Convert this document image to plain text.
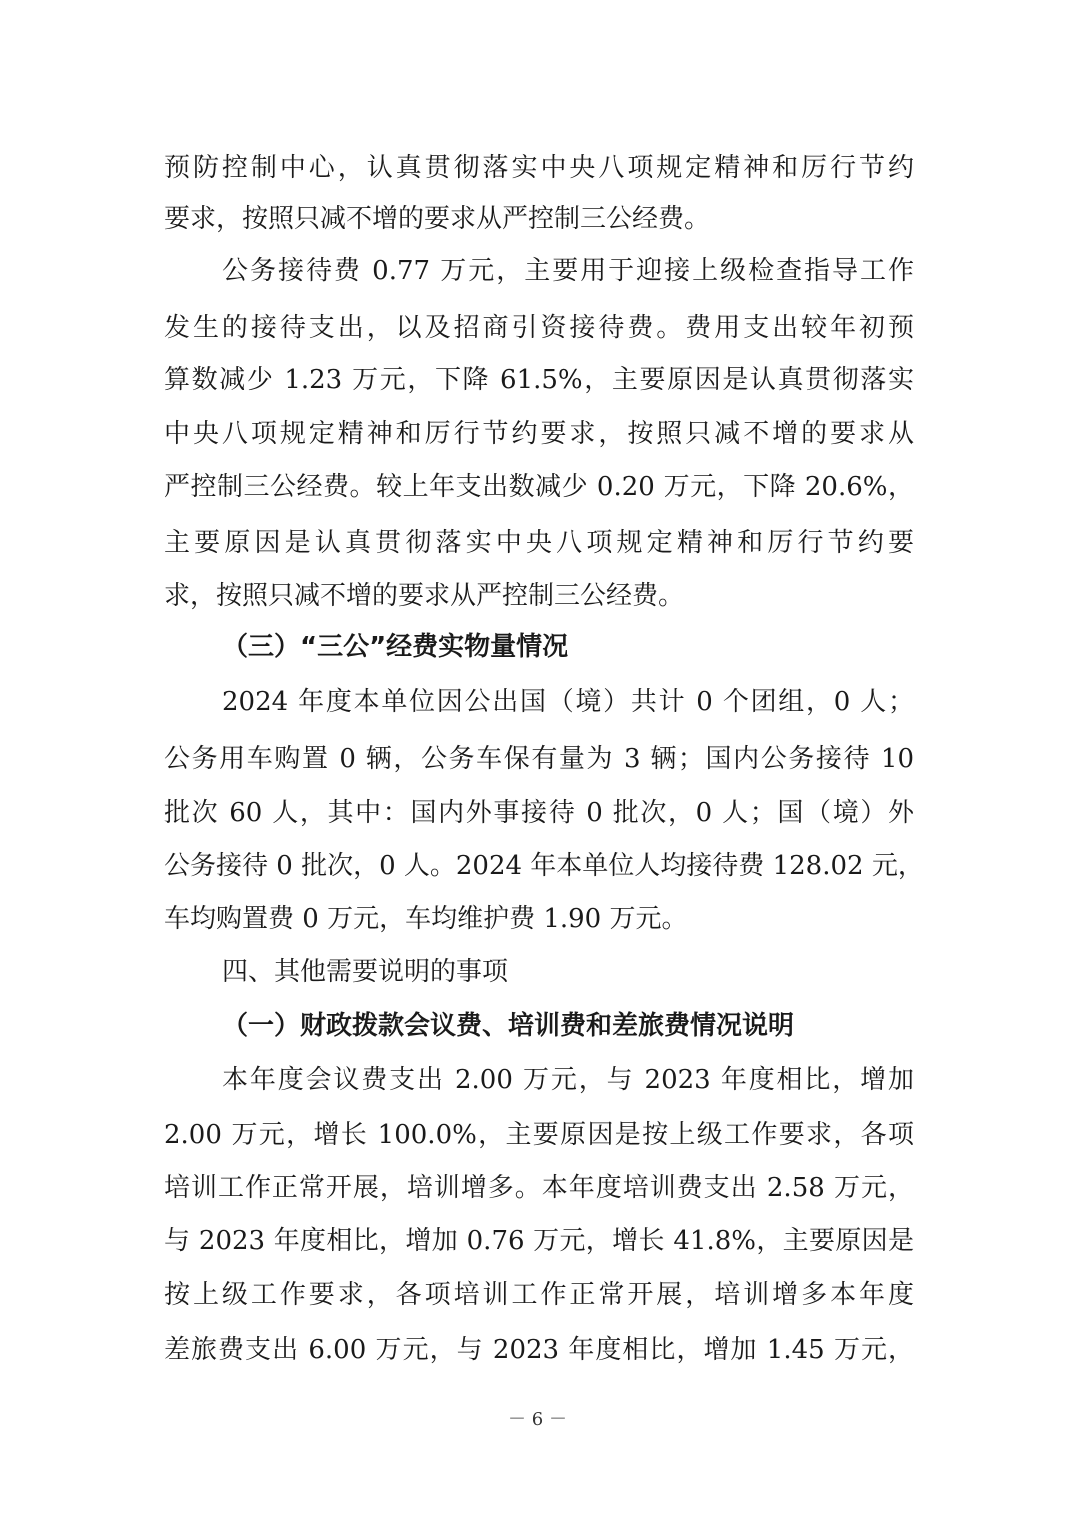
预防控制中心，认真贯彻落实中央八项规定精神和厉行节约
要求，按照只减不增的要求从严控制三公经费。
公务接待费 0.77 万元，主要用于迎接上级检查指导工作
发生的接待支出，以及招商引资接待费。费用支出较年初预
算数减少 1.23 万元，下降 61.5%，主要原因是认真贯彻落实
中央八项规定精神和厉行节约要求，按照只减不增的要求从
严控制三公经费。较上年支出数减少 0.20 万元，下降 20.6%，
主要原因是认真贯彻落实中央八项规定精神和厉行节约要
求，按照只减不增的要求从严控制三公经费。
（三）“三公”经费实物量情况
2024 年度本单位因公出国（境）共计 0 个团组，0 人；
公务用车购置 0 辆，公务车保有量为 3 辆；国内公务接待 10
批次 60 人，其中：国内外事接待 0 批次，0 人；国（境）外
公务接待 0 批次，0 人。2024 年本单位人均接待费 128.02 元，
车均购置费 0 万元，车均维护费 1.90 万元。
四、其他需要说明的事项
（一）财政拨款会议费、培训费和差旅费情况说明
本年度会议费支出 2.00 万元，与 2023 年度相比，增加
2.00 万元，增长 100.0%，主要原因是按上级工作要求，各项
培训工作正常开展，培训增多。本年度培训费支出 2.58 万元，
与 2023 年度相比，增加 0.76 万元，增长 41.8%，主要原因是
按上级工作要求，各项培训工作正常开展，培训增多本年度
差旅费支出 6.00 万元，与 2023 年度相比，增加 1.45 万元，
－ 6 －
